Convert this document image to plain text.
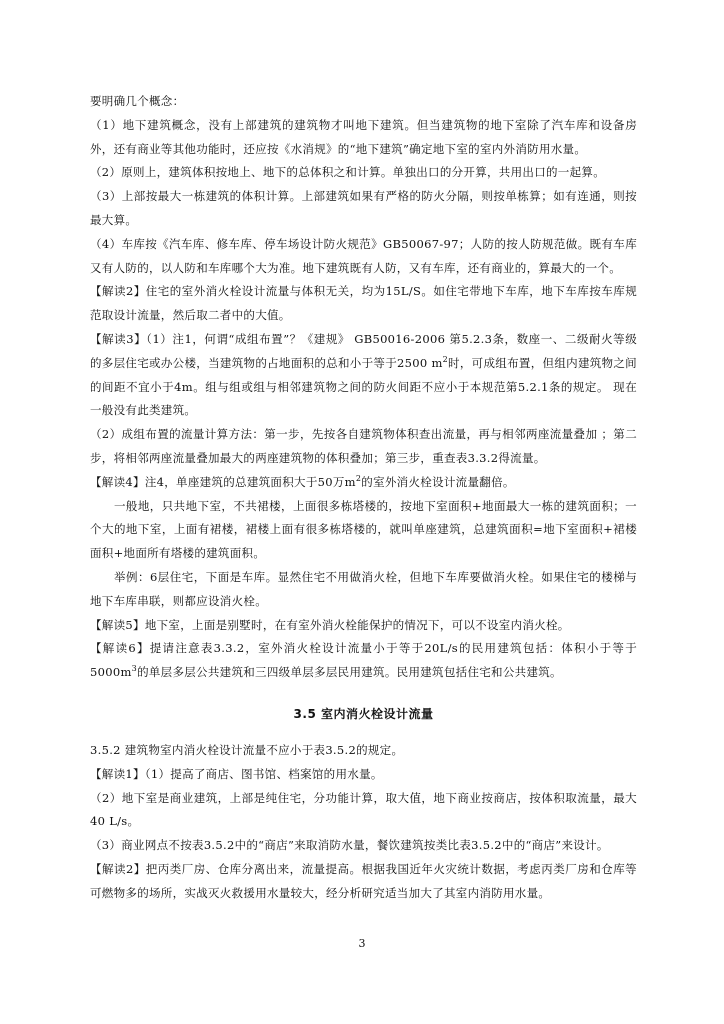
要明确几个概念：

（1）地下建筑概念，没有上部建筑的建筑物才叫地下建筑。但当建筑物的地下室除了汽车库和设备房外，还有商业等其他功能时，还应按《水消规》的“地下建筑”确定地下室的室内外消防用水量。

（2）原则上，建筑体积按地上、地下的总体积之和计算。单独出口的分开算，共用出口的一起算。

（3）上部按最大一栋建筑的体积计算。上部建筑如果有严格的防火分隔，则按单栋算；如有连通，则按最大算。

（4）车库按《汽车库、修车库、停车场设计防火规范》GB50067-97；人防的按人防规范做。既有车库又有人防的，以人防和车库哪个大为准。地下建筑既有人防，又有车库，还有商业的，算最大的一个。

【解读2】住宅的室外消火栓设计流量与体积无关，均为15L/S。如住宅带地下车库，地下车库按车库规范取设计流量，然后取二者中的大值。

【解读3】（1）注1，何谓“成组布置”？《建规》 GB50016-2006 第5.2.3条，数座一、二级耐火等级的多层住宅或办公楼，当建筑物的占地面积的总和小于等于2500 $m^2$时，可成组布置，但组内建筑物之间的间距不宜小于4m。组与组或组与相邻建筑物之间的防火间距不应小于本规范第5.2.1条的规定。 现在一般没有此类建筑。

（2）成组布置的流量计算方法：第一步，先按各自建筑物体积查出流量，再与相邻两座流量叠加 ；第二步，将相邻两座流量叠加最大的两座建筑物的体积叠加；第三步，重查表3.3.2得流量。

【解读4】注4，单座建筑的总建筑面积大于50万$m^2$的室外消火栓设计流量翻倍。

一般地，只共地下室，不共裙楼，上面很多栋塔楼的，按地下室面积+地面最大一栋的建筑面积；一个大的地下室，上面有裙楼，裙楼上面有很多栋塔楼的，就叫单座建筑，总建筑面积=地下室面积+裙楼面积+地面所有塔楼的建筑面积。

举例：6层住宅，下面是车库。显然住宅不用做消火栓，但地下车库要做消火栓。如果住宅的楼梯与地下车库串联，则都应设消火栓。

【解读5】地下室，上面是别墅时，在有室外消火栓能保护的情况下，可以不设室内消火栓。

【解读6】提请注意表3.3.2，室外消火栓设计流量小于等于20L/s的民用建筑包括：体积小于等于$5000m^3$的单层多层公共建筑和三四级单层多层民用建筑。民用建筑包括住宅和公共建筑。

3.5 室内消火栓设计流量

3.5.2 建筑物室内消火栓设计流量不应小于表3.5.2的规定。

【解读1】（1）提高了商店、图书馆、档案馆的用水量。

（2）地下室是商业建筑，上部是纯住宅，分功能计算，取大值，地下商业按商店，按体积取流量，最大40 L/s。

（3）商业网点不按表3.5.2中的“商店”来取消防水量，餐饮建筑按类比表3.5.2中的“商店”来设计。

【解读2】把丙类厂房、仓库分离出来，流量提高。根据我国近年火灾统计数据，考虑丙类厂房和仓库等可燃物多的场所，实战灭火救援用水量较大，经分析研究适当加大了其室内消防用水量。

3
